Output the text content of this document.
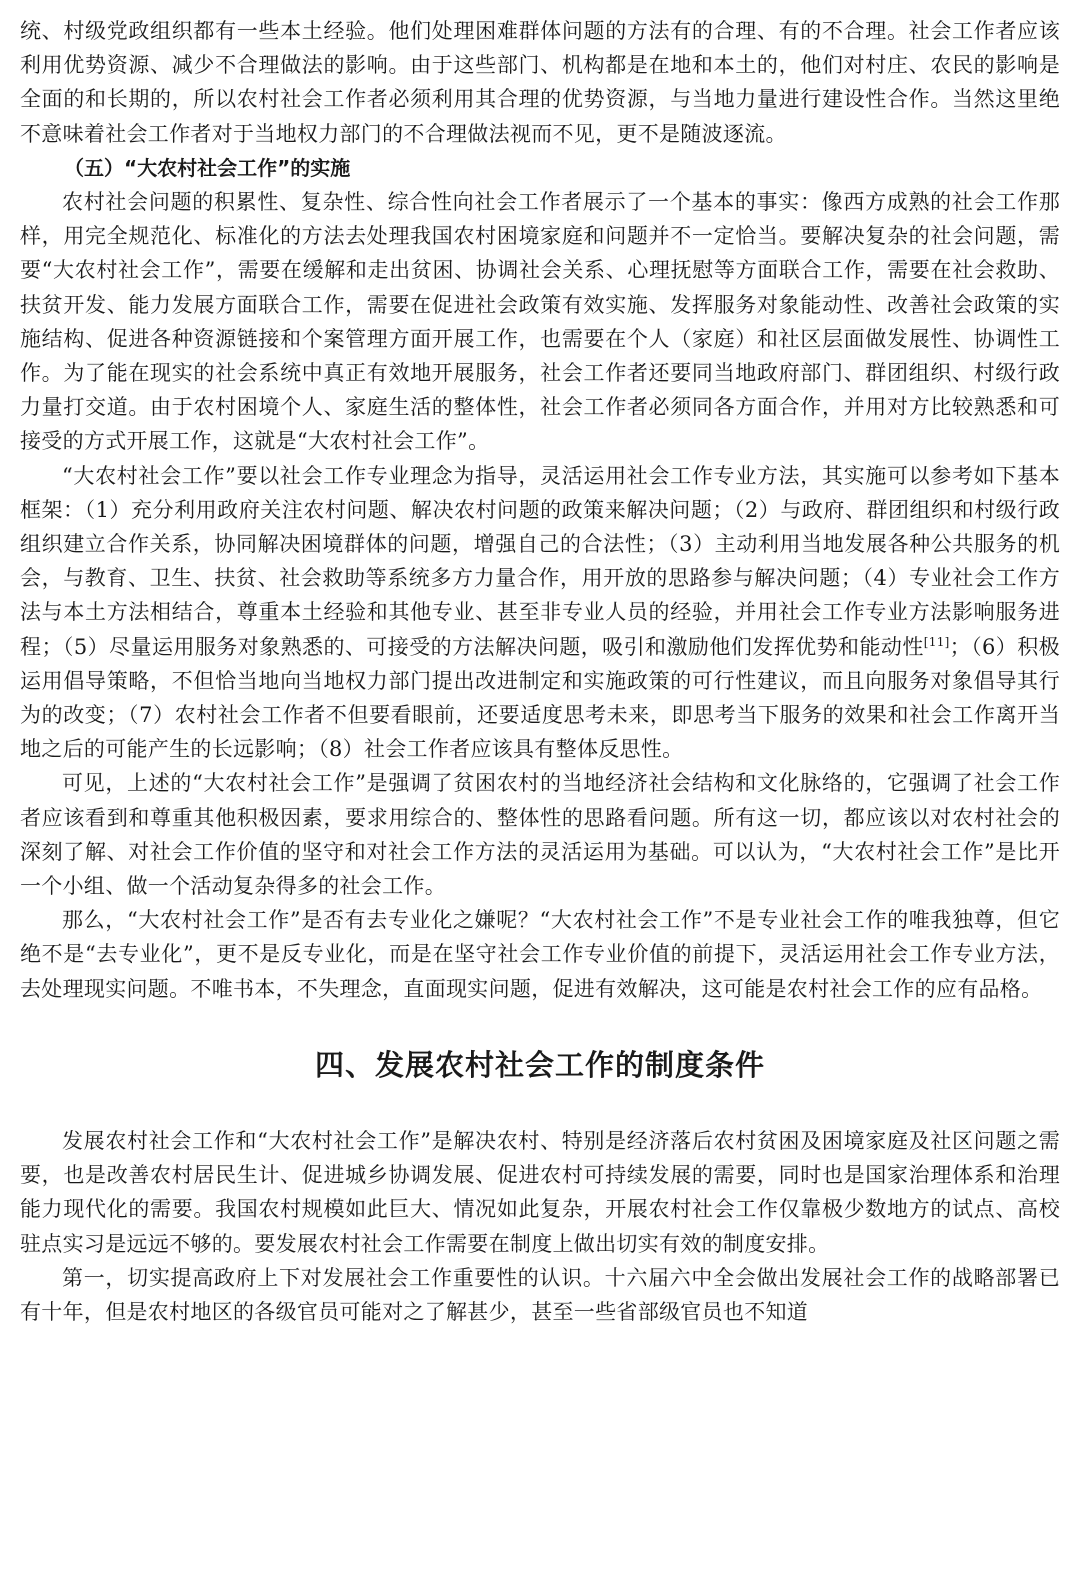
统、村级党政组织都有一些本土经验。他们处理困难群体问题的方法有的合理、有的不合理。社会工作者应该利用优势资源、减少不合理做法的影响。由于这些部门、机构都是在地和本土的，他们对村庄、农民的影响是全面的和长期的，所以农村社会工作者必须利用其合理的优势资源，与当地力量进行建设性合作。当然这里绝不意味着社会工作者对于当地权力部门的不合理做法视而不见，更不是随波逐流。

（五）“大农村社会工作”的实施

农村社会问题的积累性、复杂性、综合性向社会工作者展示了一个基本的事实：像西方成熟的社会工作那样，用完全规范化、标准化的方法去处理我国农村困境家庭和问题并不一定恰当。要解决复杂的社会问题，需要“大农村社会工作”，需要在缓解和走出贫困、协调社会关系、心理抚慰等方面联合工作，需要在社会救助、扶贫开发、能力发展方面联合工作，需要在促进社会政策有效实施、发挥服务对象能动性、改善社会政策的实施结构、促进各种资源链接和个案管理方面开展工作，也需要在个人（家庭）和社区层面做发展性、协调性工作。为了能在现实的社会系统中真正有效地开展服务，社会工作者还要同当地政府部门、群团组织、村级行政力量打交道。由于农村困境个人、家庭生活的整体性，社会工作者必须同各方面合作，并用对方比较熟悉和可接受的方式开展工作，这就是“大农村社会工作”。

“大农村社会工作”要以社会工作专业理念为指导，灵活运用社会工作专业方法，其实施可以参考如下基本框架：（1）充分利用政府关注农村问题、解决农村问题的政策来解决问题；（2）与政府、群团组织和村级行政组织建立合作关系，协同解决困境群体的问题，增强自己的合法性；（3）主动利用当地发展各种公共服务的机会，与教育、卫生、扶贫、社会救助等系统多方力量合作，用开放的思路参与解决问题；（4）专业社会工作方法与本土方法相结合，尊重本土经验和其他专业、甚至非专业人员的经验，并用社会工作专业方法影响服务进程；（5）尽量运用服务对象熟悉的、可接受的方法解决问题，吸引和激励他们发挥优势和能动性[11]；（6）积极运用倡导策略，不但恰当地向当地权力部门提出改进制定和实施政策的可行性建议，而且向服务对象倡导其行为的改变；（7）农村社会工作者不但要看眼前，还要适度思考未来，即思考当下服务的效果和社会工作离开当地之后的可能产生的长远影响；（8）社会工作者应该具有整体反思性。

可见，上述的“大农村社会工作”是强调了贫困农村的当地经济社会结构和文化脉络的，它强调了社会工作者应该看到和尊重其他积极因素，要求用综合的、整体性的思路看问题。所有这一切，都应该以对农村社会的深刻了解、对社会工作价值的坚守和对社会工作方法的灵活运用为基础。可以认为，“大农村社会工作”是比开一个小组、做一个活动复杂得多的社会工作。

那么，“大农村社会工作”是否有去专业化之嫌呢？“大农村社会工作”不是专业社会工作的唯我独尊，但它绝不是“去专业化”，更不是反专业化，而是在坚守社会工作专业价值的前提下，灵活运用社会工作专业方法，去处理现实问题。不唯书本，不失理念，直面现实问题，促进有效解决，这可能是农村社会工作的应有品格。

四、发展农村社会工作的制度条件

发展农村社会工作和“大农村社会工作”是解决农村、特别是经济落后农村贫困及困境家庭及社区问题之需要，也是改善农村居民生计、促进城乡协调发展、促进农村可持续发展的需要，同时也是国家治理体系和治理能力现代化的需要。我国农村规模如此巨大、情况如此复杂，开展农村社会工作仅靠极少数地方的试点、高校驻点实习是远远不够的。要发展农村社会工作需要在制度上做出切实有效的制度安排。

第一，切实提高政府上下对发展社会工作重要性的认识。十六届六中全会做出发展社会工作的战略部署已有十年，但是农村地区的各级官员可能对之了解甚少，甚至一些省部级官员也不知道
